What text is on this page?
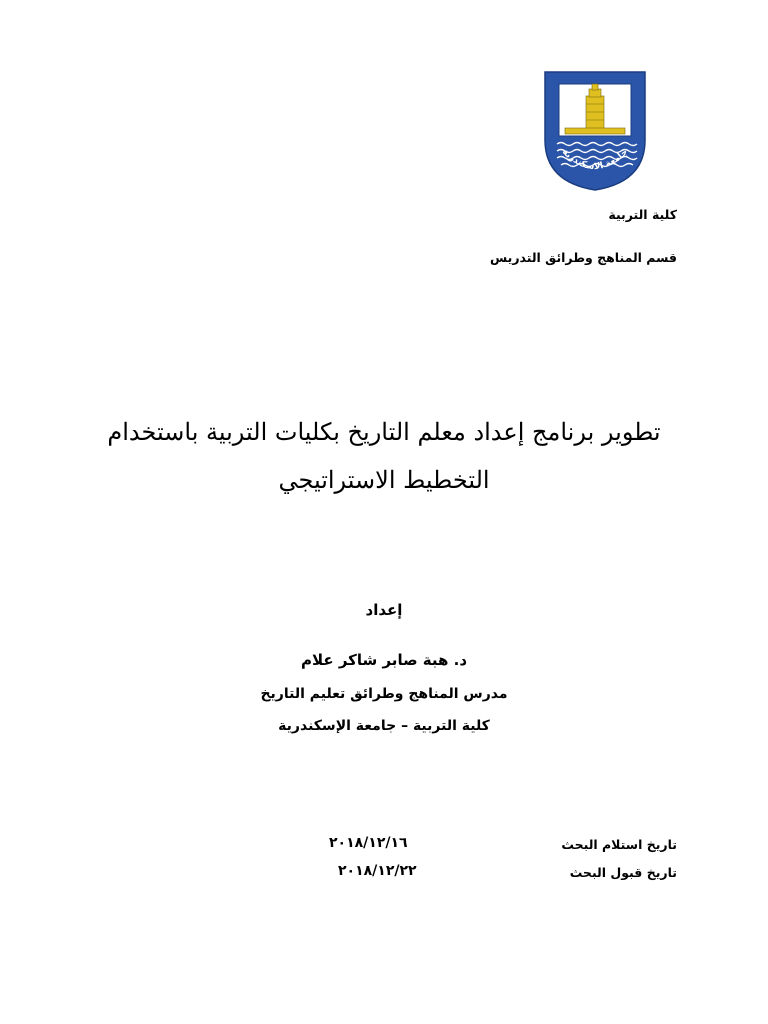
جامعة الاسكندرية
كلية التربية
قسم المناهج وطرائق التدريس
تطوير برنامج إعداد معلم التاريخ بكليات التربية باستخدام
التخطيط الاستراتيجي
إعداد
د. هبة صابر شاكر علام
مدرس المناهج وطرائق تعليم التاريخ
كلية التربية – جامعة الإسكندرية
تاريخ استلام البحث
٢٠١٨/١٢/١٦
تاريخ قبول البحث
٢٠١٨/١٢/٢٢
